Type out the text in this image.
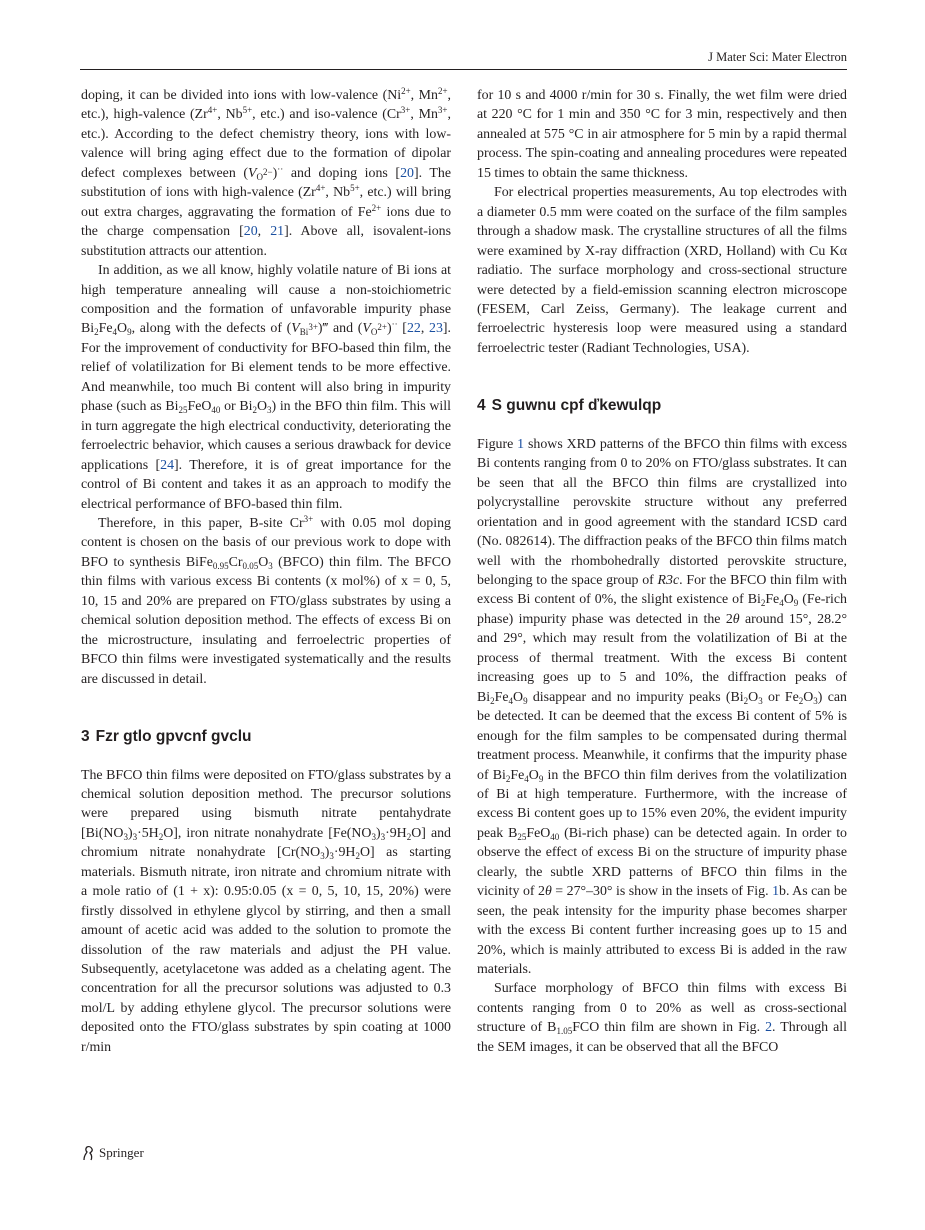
J Mater Sci: Mater Electron

doping, it can be divided into ions with low-valence ($Ni^{2+}$, $Mn^{2+}$, etc.), high-valence ($Zr^{4+}$, $Nb^{5+}$, etc.) and iso-valence ($Cr^{3+}$, $Mn^{3+}$, etc.). According to the defect chemistry theory, ions with low-valence will bring aging effect due to the formation of dipolar defect complexes between $(V_{O^{2-}})^{\cdot\cdot}$ and doping ions [20]. The substitution of ions with high-valence ($Zr^{4+}$, $Nb^{5+}$, etc.) will bring out extra charges, aggravating the formation of $Fe^{2+}$ ions due to the charge compensation [20, 21]. Above all, isovalent-ions substitution attracts our attention.

In addition, as we all know, highly volatile nature of Bi ions at high temperature annealing will cause a non-stoichiometric composition and the formation of unfavorable impurity phase $Bi_2Fe_4O_9$, along with the defects of $(V_{Bi^{3+}})‴$ and $(V_{O^{2+}})^{\cdot\cdot}$ [22, 23]. For the improvement of conductivity for BFO-based thin film, the relief of volatilization for Bi element tends to be more effective. And meanwhile, too much Bi content will also bring in impurity phase (such as $Bi_{25}FeO_{40}$ or $Bi_2O_3$) in the BFO thin film. This will in turn aggregate the high electrical conductivity, deteriorating the ferroelectric behavior, which causes a serious drawback for device applications [24]. Therefore, it is of great importance for the control of Bi content and takes it as an approach to modify the electrical performance of BFO-based thin film.

Therefore, in this paper, B-site $Cr^{3+}$ with 0.05 mol doping content is chosen on the basis of our previous work to dope with BFO to synthesis $BiFe_{0.95}Cr_{0.05}O_3$ (BFCO) thin film. The BFCO thin films with various excess Bi contents (x mol%) of x = 0, 5, 10, 15 and 20% are prepared on FTO/glass substrates by using a chemical solution deposition method. The effects of excess Bi on the microstructure, insulating and ferroelectric properties of BFCO thin films were investigated systematically and the results are discussed in detail.

3 Fzr gtlo gpvcnf gvclu

The BFCO thin films were deposited on FTO/glass substrates by a chemical solution deposition method. The precursor solutions were prepared using bismuth nitrate pentahydrate $[Bi(NO_3)_3\cdot 5H_2O]$, iron nitrate nonahydrate $[Fe(NO_3)_3\cdot 9H_2O]$ and chromium nitrate nonahydrate $[Cr(NO_3)_3\cdot 9H_2O]$ as starting materials. Bismuth nitrate, iron nitrate and chromium nitrate with a mole ratio of (1 + x): 0.95:0.05 (x = 0, 5, 10, 15, 20%) were firstly dissolved in ethylene glycol by stirring, and then a small amount of acetic acid was added to the solution to promote the dissolution of the raw materials and adjust the PH value. Subsequently, acetylacetone was added as a chelating agent. The concentration for all the precursor solutions was adjusted to 0.3 mol/L by adding ethylene glycol. The precursor solutions were deposited onto the FTO/glass substrates by spin coating at 1000 r/min

for 10 s and 4000 r/min for 30 s. Finally, the wet film were dried at 220 °C for 1 min and 350 °C for 3 min, respectively and then annealed at 575 °C in air atmosphere for 5 min by a rapid thermal process. The spin-coating and annealing procedures were repeated 15 times to obtain the same thickness.

For electrical properties measurements, Au top electrodes with a diameter 0.5 mm were coated on the surface of the film samples through a shadow mask. The crystalline structures of all the films were examined by X-ray diffraction (XRD, Holland) with Cu Kα radiatio. The surface morphology and cross-sectional structure were detected by a field-emission scanning electron microscope (FESEM, Carl Zeiss, Germany). The leakage current and ferroelectric hysteresis loop were measured using a standard ferroelectric tester (Radiant Technologies, USA).

4 S guwnu cpf ďkewulqp

Figure 1 shows XRD patterns of the BFCO thin films with excess Bi contents ranging from 0 to 20% on FTO/glass substrates. It can be seen that all the BFCO thin films are crystallized into polycrystalline perovskite structure without any preferred orientation and in good agreement with the standard ICSD card (No. 082614). The diffraction peaks of the BFCO thin films match well with the rhombohedrally distorted perovskite structure, belonging to the space group of R3c. For the BFCO thin film with excess Bi content of 0%, the slight existence of $Bi_2Fe_4O_9$ (Fe-rich phase) impurity phase was detected in the 2θ around 15°, 28.2° and 29°, which may result from the volatilization of Bi at the process of thermal treatment. With the excess Bi content increasing goes up to 5 and 10%, the diffraction peaks of $Bi_2Fe_4O_9$ disappear and no impurity peaks ($Bi_2O_3$ or $Fe_2O_3$) can be detected. It can be deemed that the excess Bi content of 5% is enough for the film samples to be compensated during thermal treatment process. Meanwhile, it confirms that the impurity phase of $Bi_2Fe_4O_9$ in the BFCO thin film derives from the volatilization of Bi at high temperature. Furthermore, with the increase of excess Bi content goes up to 15% even 20%, the evident impurity peak $B_{25}FeO_{40}$ (Bi-rich phase) can be detected again. In order to observe the effect of excess Bi on the structure of impurity phase clearly, the subtle XRD patterns of BFCO thin films in the vicinity of 2θ = 27°–30° is show in the insets of Fig. 1b. As can be seen, the peak intensity for the impurity phase becomes sharper with the excess Bi content further increasing goes up to 15 and 20%, which is mainly attributed to excess Bi is added in the raw materials.

Surface morphology of BFCO thin films with excess Bi contents ranging from 0 to 20% as well as cross-sectional structure of $B_{1.05}FCO$ thin film are shown in Fig. 2. Through all the SEM images, it can be observed that all the BFCO

Springer
